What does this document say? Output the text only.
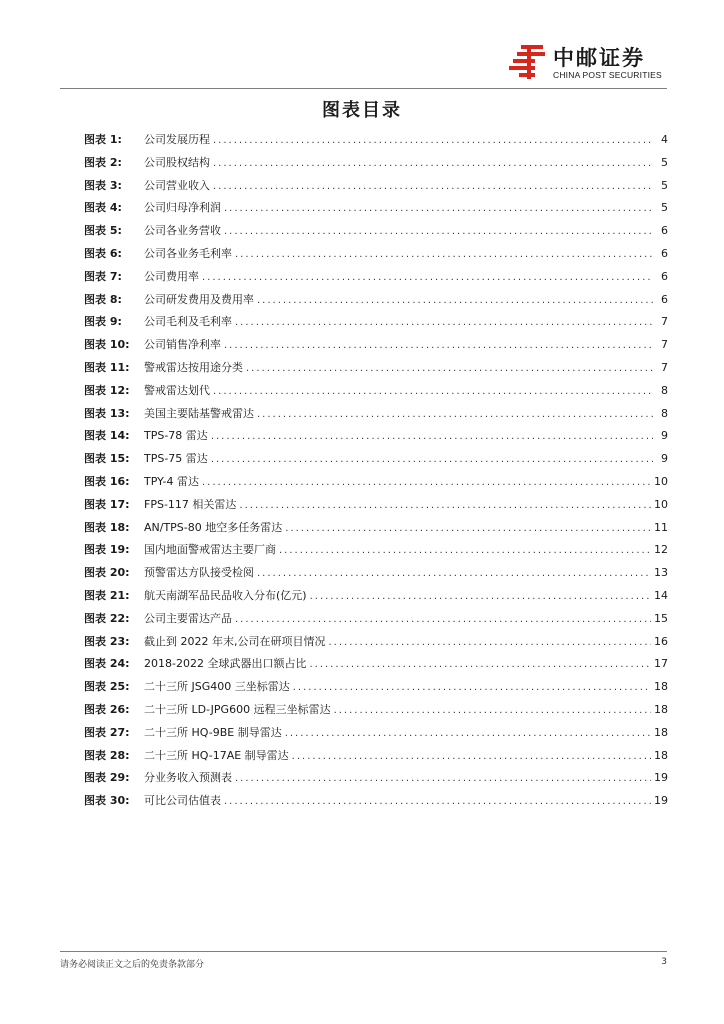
中邮证券
CHINA POST SECURITIES
图表目录
图表 1:	公司发展历程 .....	4
图表 2:	公司股权结构 .....	5
图表 3:	公司营业收入 .....	5
图表 4:	公司归母净利润 .....	5
图表 5:	公司各业务营收 .....	6
图表 6:	公司各业务毛利率 .....	6
图表 7:	公司费用率 .....	6
图表 8:	公司研发费用及费用率 .....	6
图表 9:	公司毛利及毛利率 .....	7
图表 10:	公司销售净利率 .....	7
图表 11:	警戒雷达按用途分类 .....	7
图表 12:	警戒雷达划代 .....	8
图表 13:	美国主要陆基警戒雷达 .....	8
图表 14:	TPS-78 雷达 .....	9
图表 15:	TPS-75 雷达 .....	9
图表 16:	TPY-4 雷达 .....	10
图表 17:	FPS-117 相关雷达 .....	10
图表 18:	AN/TPS-80 地空多任务雷达 .....	11
图表 19:	国内地面警戒雷达主要厂商 .....	12
图表 20:	预警雷达方队接受检阅 .....	13
图表 21:	航天南湖军品民品收入分布(亿元) .....	14
图表 22:	公司主要雷达产品 .....	15
图表 23:	截止到 2022 年末,公司在研项目情况 .....	16
图表 24:	2018-2022 全球武器出口额占比 .....	17
图表 25:	二十三所 JSG400 三坐标雷达 .....	18
图表 26:	二十三所 LD-JPG600 远程三坐标雷达 .....	18
图表 27:	二十三所 HQ-9BE 制导雷达 .....	18
图表 28:	二十三所 HQ-17AE 制导雷达 .....	18
图表 29:	分业务收入预测表 .....	19
图表 30:	可比公司估值表 .....	19
请务必阅读正文之后的免责条款部分	3
